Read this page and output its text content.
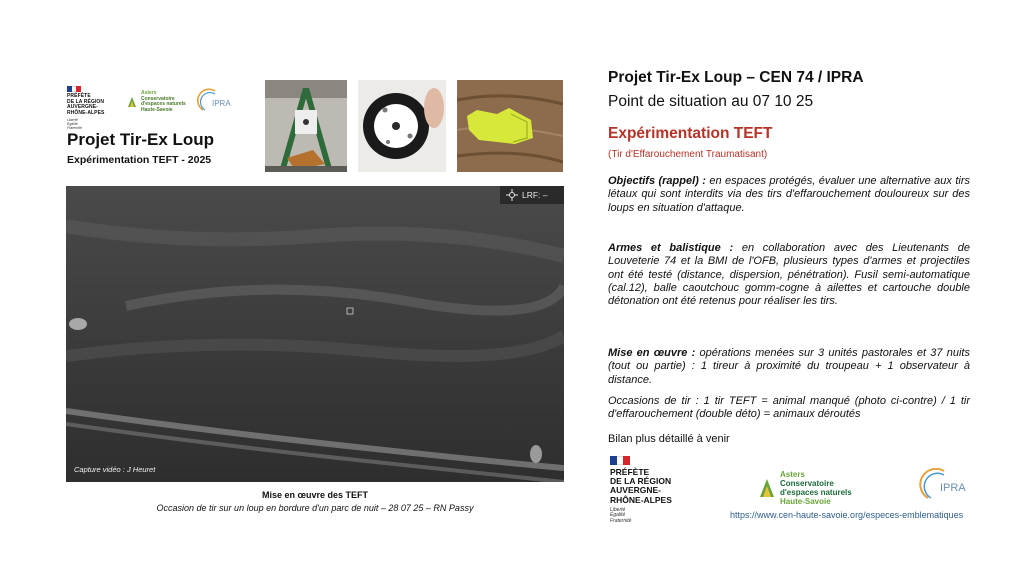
PRÉFÈTE
DE LA RÉGION
AUVERGNE-
RHÔNE-ALPES
Liberté
Égalité
Fraternité
Asters
Conservatoire
d'espaces naturels
Haute-Savoie
IPRA
Projet Tir-Ex Loup
Expérimentation TEFT - 2025
LRF: –
Capture vidéo : J Heuret
Mise en œuvre des TEFT
Occasion de tir sur un loup en bordure d'un parc de nuit – 28 07 25 – RN Passy
Projet Tir-Ex Loup – CEN 74 / IPRA
Point de situation au 07 10 25
Expérimentation TEFT
(Tir d'Effarouchement Traumatisant)
Objectifs (rappel) : en espaces protégés, évaluer une alternative aux tirs létaux qui sont interdits via des tirs d'effarouchement douloureux sur des loups en situation d'attaque.
Armes et balistique : en collaboration avec des Lieutenants de Louveterie 74 et la BMI de l'OFB, plusieurs types d'armes et projectiles ont été testé (distance, dispersion, pénétration). Fusil semi-automatique (cal.12), balle caoutchouc gomm-cogne à ailettes et cartouche double détonation ont été retenus pour réaliser les tirs.
Mise en œuvre : opérations menées sur 3 unités pastorales et 37 nuits (tout ou partie) : 1 tireur à proximité du troupeau + 1 observateur à distance.
Occasions de tir : 1 tir TEFT = animal manqué (photo ci-contre) / 1 tir d'effarouchement (double déto) = animaux déroutés
Bilan plus détaillé à venir
PRÉFÈTE
DE LA RÉGION
AUVERGNE-
RHÔNE-ALPES
Liberté
Égalité
Fraternité
Asters
Conservatoire
d'espaces naturels
Haute-Savoie
IPRA
https://www.cen-haute-savoie.org/especes-emblematiques
